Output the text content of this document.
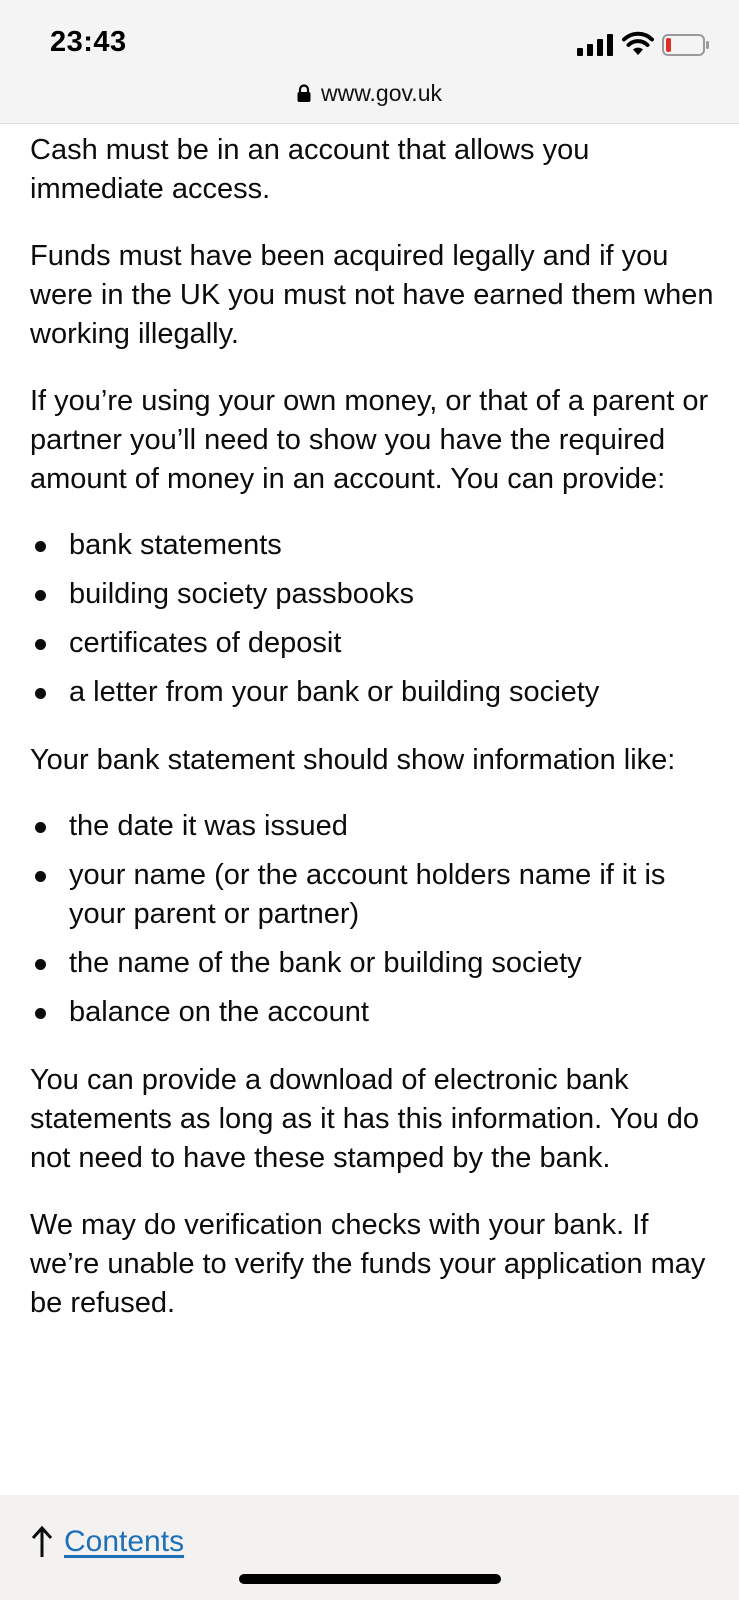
23:43
www.gov.uk

Cash must be in an account that allows you immediate access.

Funds must have been acquired legally and if you were in the UK you must not have earned them when working illegally.

If you’re using your own money, or that of a parent or partner you’ll need to show you have the required amount of money in an account. You can provide:

bank statements
building society passbooks
certificates of deposit
a letter from your bank or building society

Your bank statement should show information like:

the date it was issued
your name (or the account holders name if it is your parent or partner)
the name of the bank or building society
balance on the account

You can provide a download of electronic bank statements as long as it has this information. You do not need to have these stamped by the bank.

We may do verification checks with your bank. If we’re unable to verify the funds your application may be refused.

Contents
